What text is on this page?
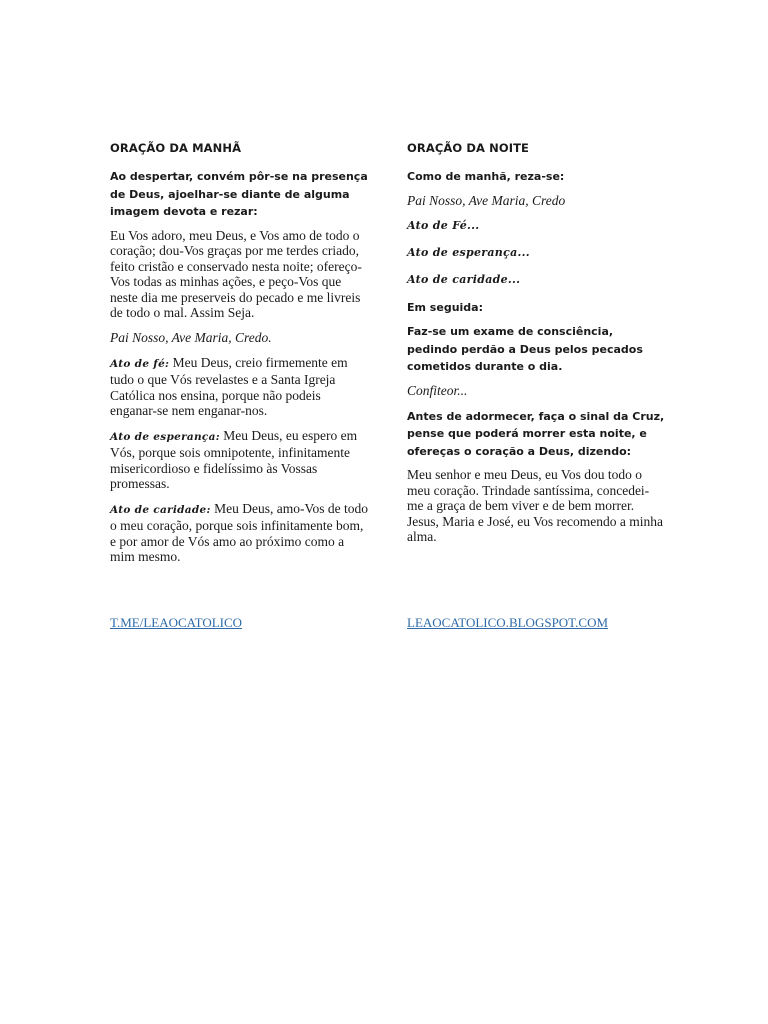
ORAÇÃO DA MANHÃ

Ao despertar, convém pôr-se na presença de Deus, ajoelhar-se diante de alguma imagem devota e rezar:

Eu Vos adoro, meu Deus, e Vos amo de todo o coração; dou-Vos graças por me terdes criado, feito cristão e conservado nesta noite; ofereço-Vos todas as minhas ações, e peço-Vos que neste dia me preserveis do pecado e me livreis de todo o mal. Assim Seja.

Pai Nosso, Ave Maria, Credo.

Ato de fé: Meu Deus, creio firmemente em tudo o que Vós revelastes e a Santa Igreja Católica nos ensina, porque não podeis enganar-se nem enganar-nos.

Ato de esperança: Meu Deus, eu espero em Vós, porque sois omnipotente, infinitamente misericordioso e fidelíssimo às Vossas promessas.

Ato de caridade: Meu Deus, amo-Vos de todo o meu coração, porque sois infinitamente bom, e por amor de Vós amo ao próximo como a mim mesmo.

ORAÇÃO DA NOITE

Como de manhã, reza-se:

Pai Nosso, Ave Maria, Credo

Ato de Fé...

Ato de esperança...

Ato de caridade...

Em seguida:

Faz-se um exame de consciência, pedindo perdão a Deus pelos pecados cometidos durante o dia.

Confiteor...

Antes de adormecer, faça o sinal da Cruz, pense que poderá morrer esta noite, e ofereças o coração a Deus, dizendo:

Meu senhor e meu Deus, eu Vos dou todo o meu coração. Trindade santíssima, concedei-me a graça de bem viver e de bem morrer. Jesus, Maria e José, eu Vos recomendo a minha alma.

T.ME/LEAOCATOLICO	LEAOCATOLICO.BLOGSPOT.COM
